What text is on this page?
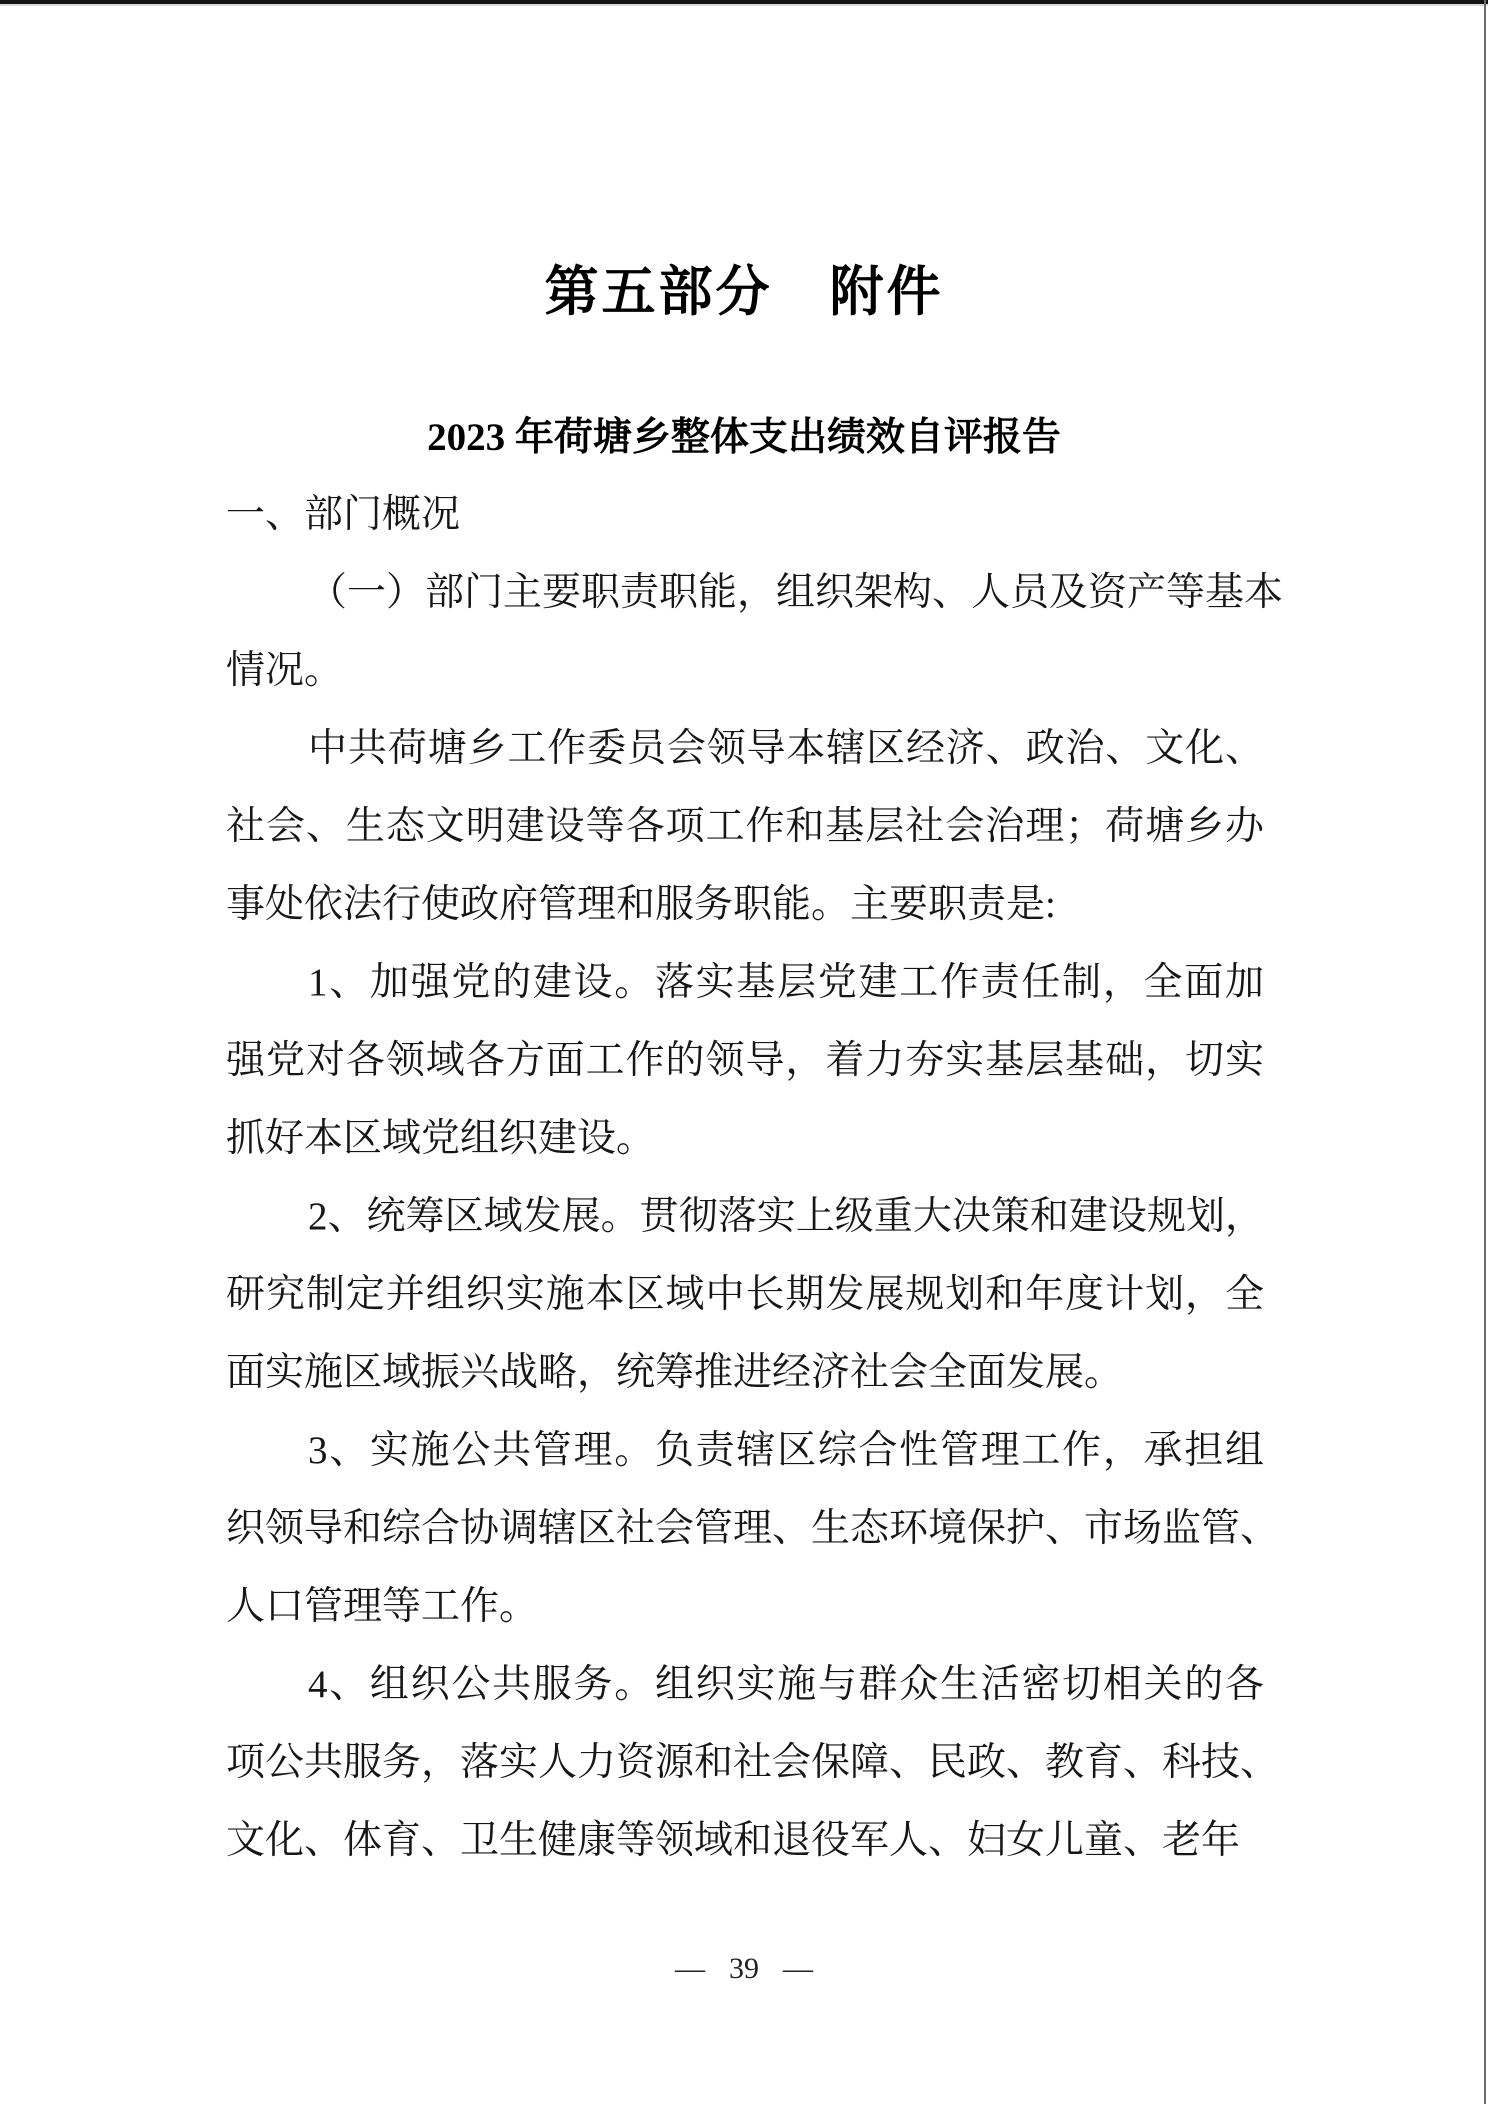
第五部分　附件
2023 年荷塘乡整体支出绩效自评报告
一、部门概况
（一）部门主要职责职能，组织架构、人员及资产等基本
情况。
中共荷塘乡工作委员会领导本辖区经济、政治、文化、
社会、生态文明建设等各项工作和基层社会治理；荷塘乡办
事处依法行使政府管理和服务职能。主要职责是:
1、加强党的建设。落实基层党建工作责任制，全面加
强党对各领域各方面工作的领导，着力夯实基层基础，切实
抓好本区域党组织建设。
2、统筹区域发展。贯彻落实上级重大决策和建设规划，
研究制定并组织实施本区域中长期发展规划和年度计划，全
面实施区域振兴战略，统筹推进经济社会全面发展。
3、实施公共管理。负责辖区综合性管理工作，承担组
织领导和综合协调辖区社会管理、生态环境保护、市场监管、
人口管理等工作。
4、组织公共服务。组织实施与群众生活密切相关的各
项公共服务，落实人力资源和社会保障、民政、教育、科技、
文化、体育、卫生健康等领域和退役军人、妇女儿童、老年
— 39 —
